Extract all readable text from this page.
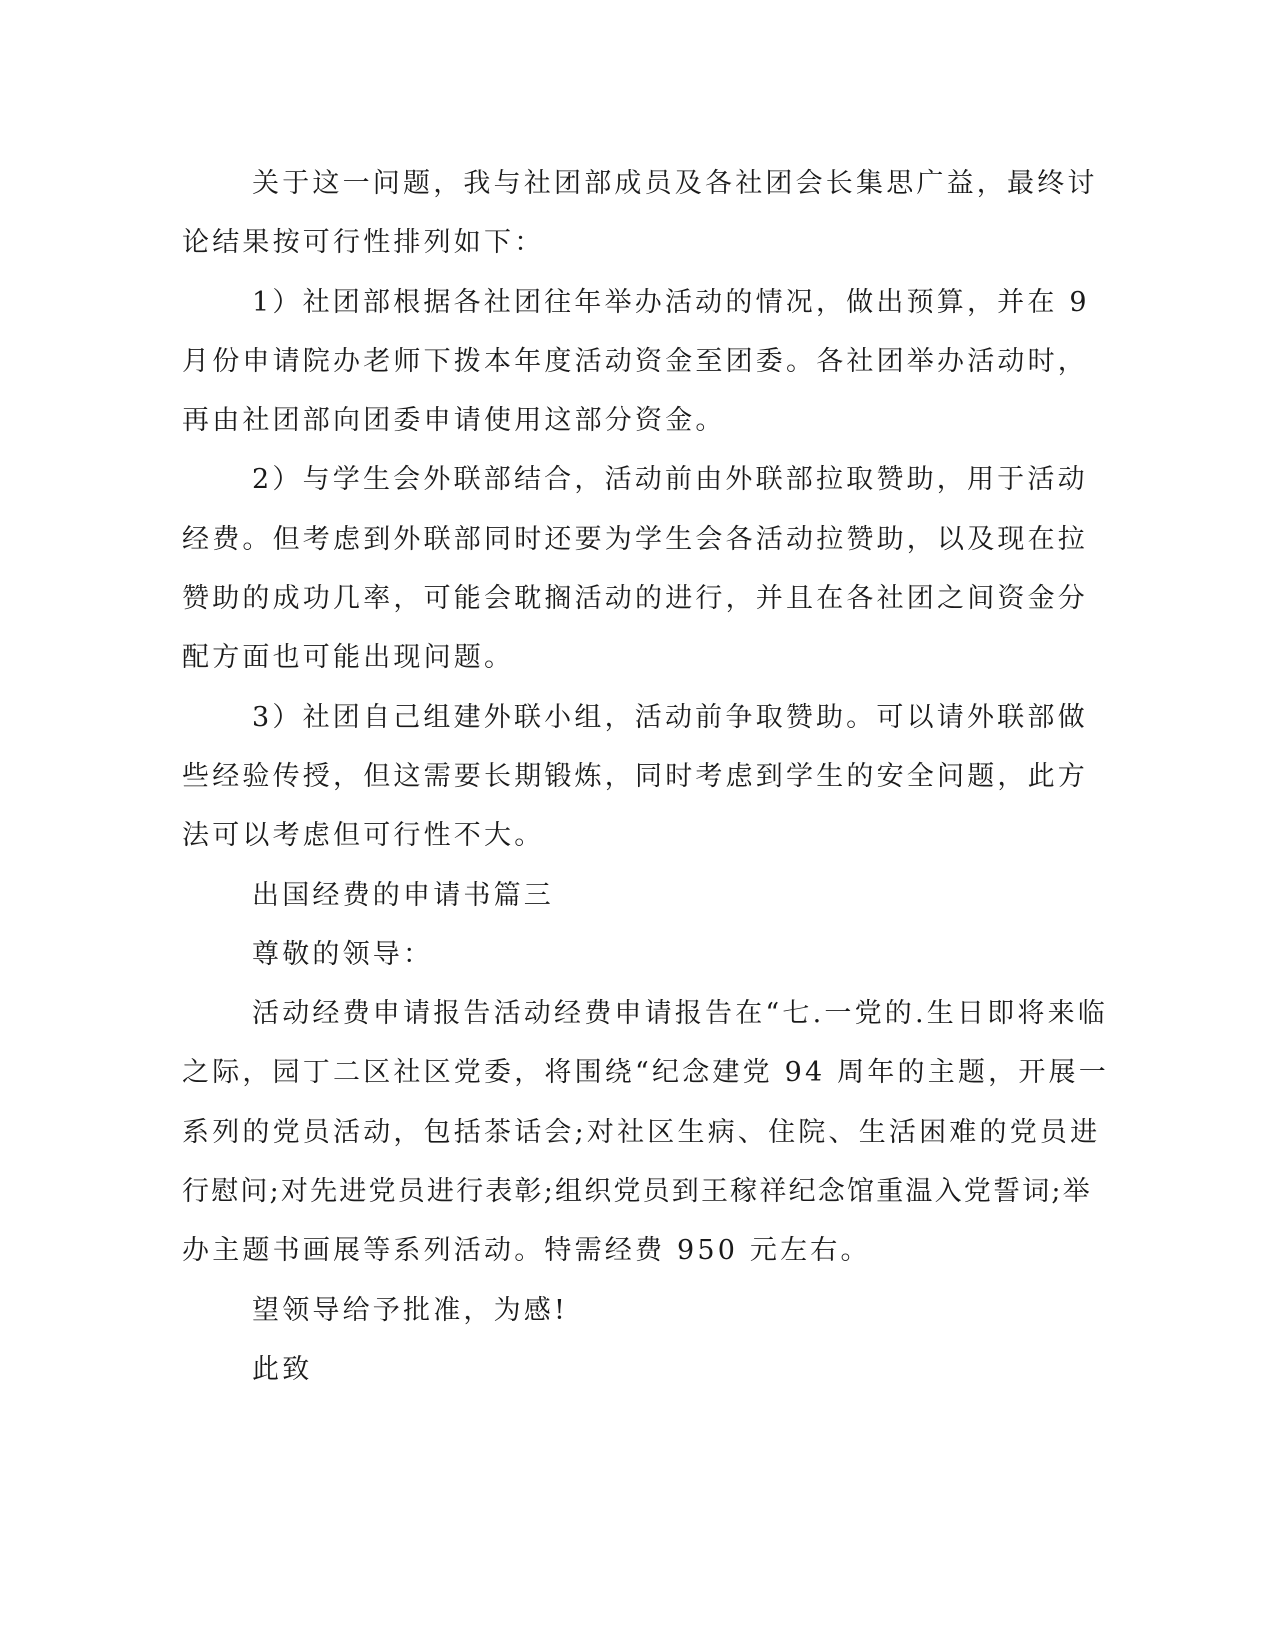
关于这一问题，我与社团部成员及各社团会长集思广益，最终讨
论结果按可行性排列如下：
1）社团部根据各社团往年举办活动的情况，做出预算，并在 9
月份申请院办老师下拨本年度活动资金至团委。各社团举办活动时，
再由社团部向团委申请使用这部分资金。
2）与学生会外联部结合，活动前由外联部拉取赞助，用于活动
经费。但考虑到外联部同时还要为学生会各活动拉赞助，以及现在拉
赞助的成功几率，可能会耽搁活动的进行，并且在各社团之间资金分
配方面也可能出现问题。
3）社团自己组建外联小组，活动前争取赞助。可以请外联部做
些经验传授，但这需要长期锻炼，同时考虑到学生的安全问题，此方
法可以考虑但可行性不大。
出国经费的申请书篇三
尊敬的领导：
活动经费申请报告活动经费申请报告在“七.一党的.生日即将来临
之际，园丁二区社区党委，将围绕“纪念建党 94 周年的主题，开展一
系列的党员活动，包括茶话会;对社区生病、住院、生活困难的党员进
行慰问;对先进党员进行表彰;组织党员到王稼祥纪念馆重温入党誓词;举
办主题书画展等系列活动。特需经费 950 元左右。
望领导给予批准，为感!
此致
